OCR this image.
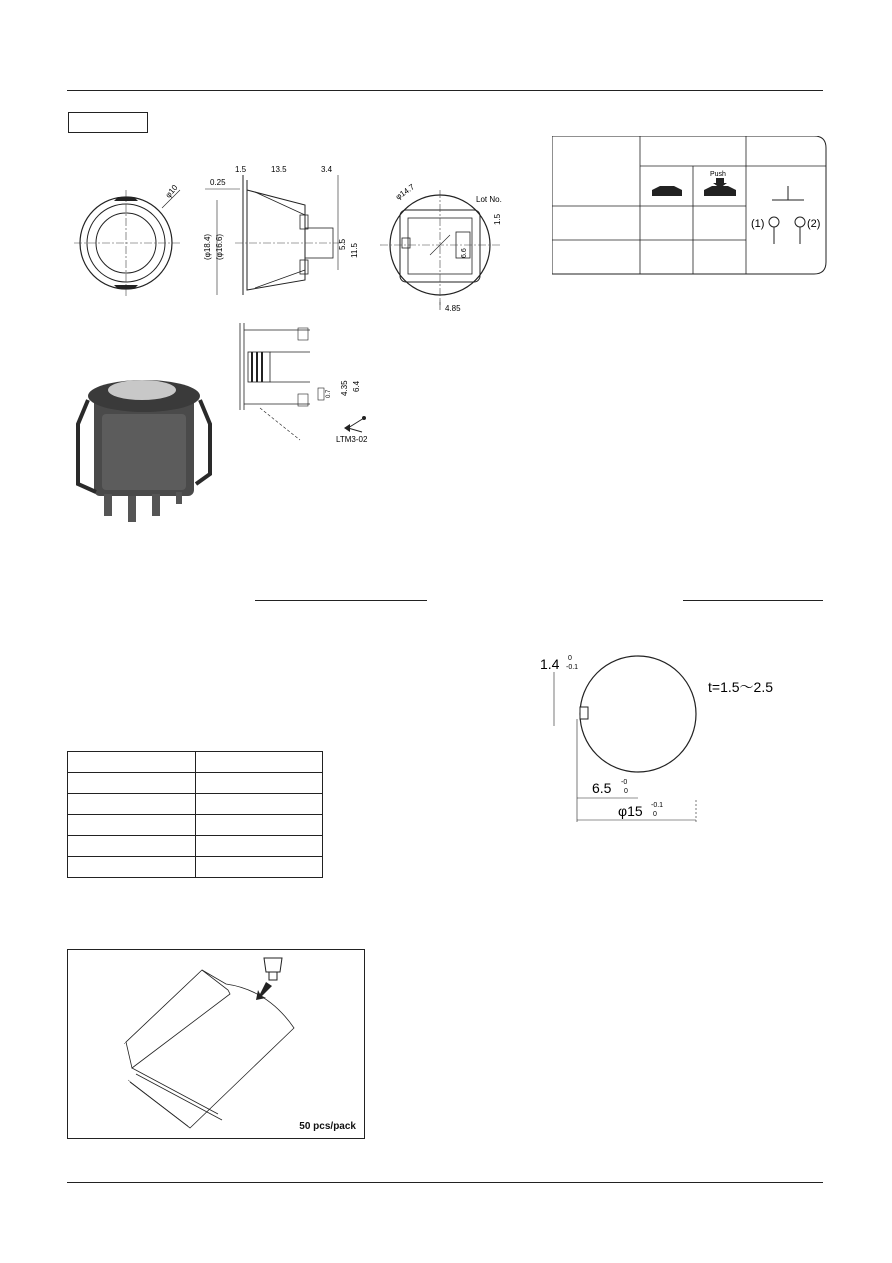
φ10
1.5	13.5	3.4
0.25
(φ18.4) (φ16.6)	5.5 11.5
φ14.7	Lot No.
1.5
6.6
4.85
Push
(1)	(2)
0.7 4.35 6.4
LTM3-02

1.4 0
-0.1
t=1.5〜2.5
6.5 -0
0
φ15 -0.1
0
50 pcs/pack
